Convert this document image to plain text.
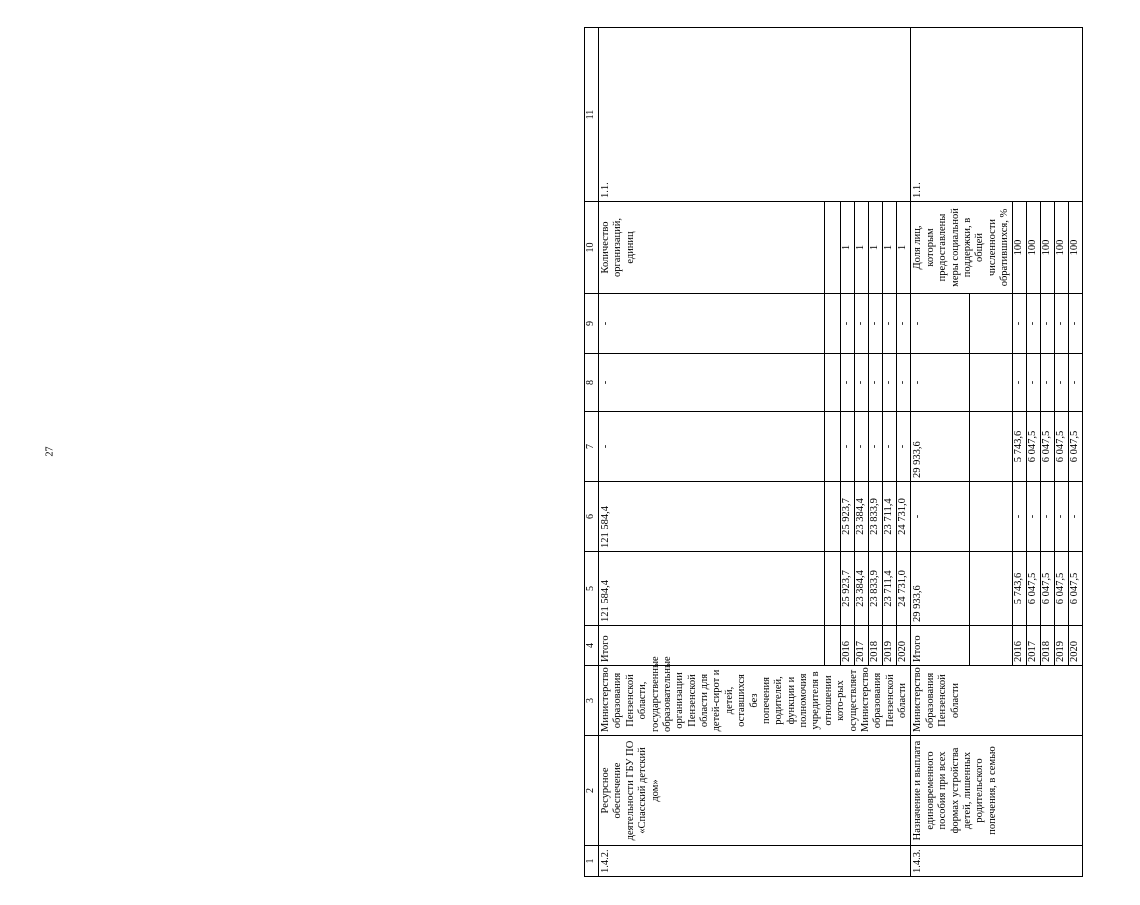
27
1	2	3	4	5	6	7	8	9	10	11
1.4.2.	Ресурсное обеспечение деятельности ГБУ ПО «Спасский детский дом»	Министерство образования Пензенской области, государственные образовательные организации Пензенской области для детей-сирот и детей, оставшихся без попечения родителей, функции и полномочия учредителя в отношении кото-рых осуществляет Министерство образования Пензенской области	Итого	121 584,4	121 584,4	-	-	-	Количество организаций, единиц	1.1.

			2016	25 923,7	25 923,7	-	-	-	1	
			2017	23 384,4	23 384,4	-	-	-	1	
			2018	23 833,9	23 833,9	-	-	-	1	
			2019	23 711,4	23 711,4	-	-	-	1	
			2020	24 731,0	24 731,0	-	-	-	1	
1.4.3.	Назначение и выплата единовременного пособия при всех формах устройства детей, лишенных родительского попечения, в семью	Министерство образования Пензенской области	Итого	29 933,6	-	29 933,6	-	-	Доля лиц, которым предоставлены меры социальной поддержки, в общей численности обратившихся, %	1.1.

			2016	5 743,6	-	5 743,6	-	-	100	
			2017	6 047,5	-	6 047,5	-	-	100	
			2018	6 047,5	-	6 047,5	-	-	100	
			2019	6 047,5	-	6 047,5	-	-	100	
			2020	6 047,5	-	6 047,5	-	-	100	
